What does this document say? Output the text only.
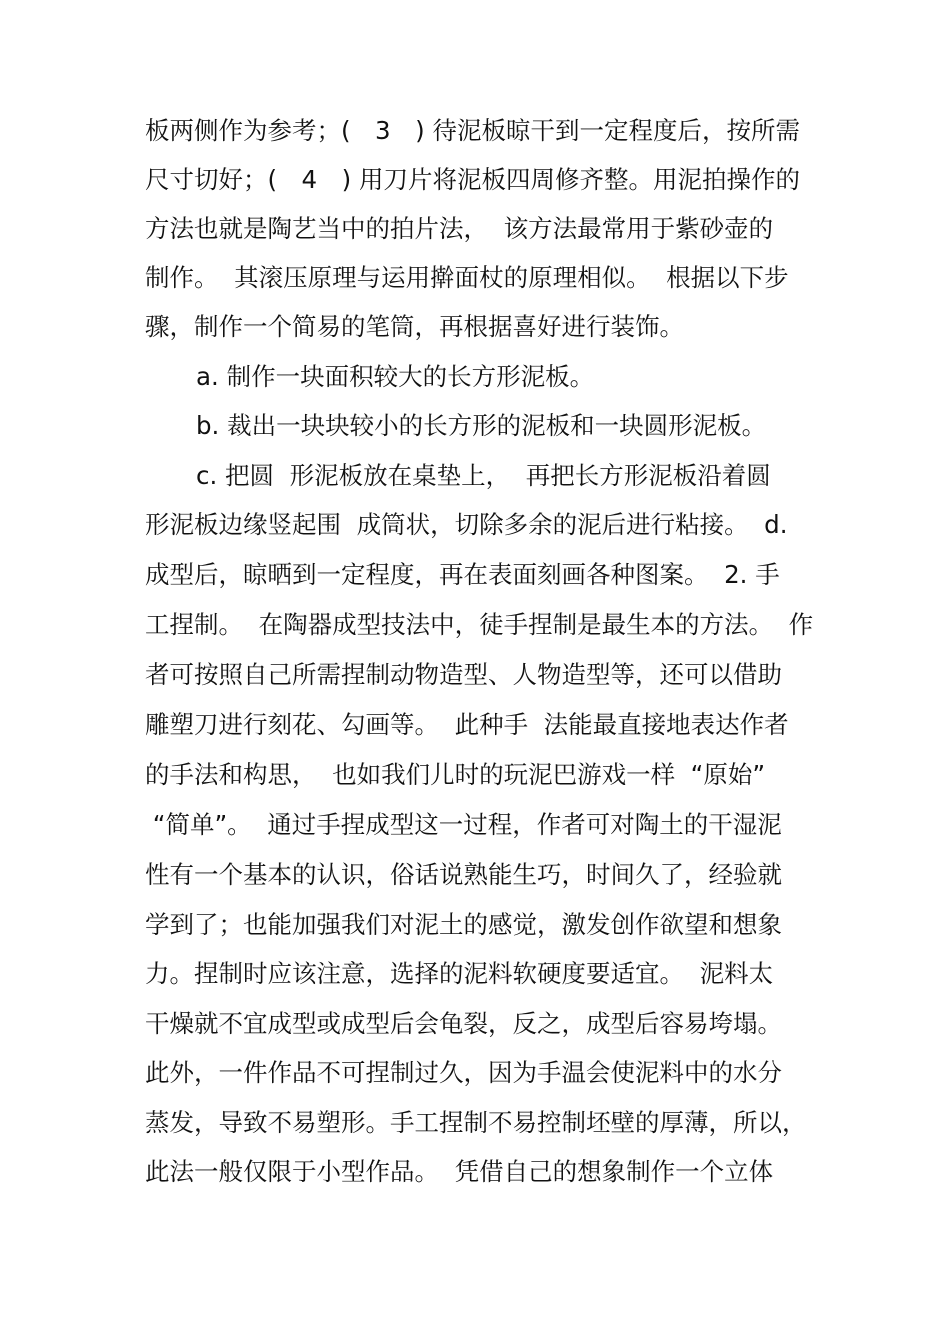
板两侧作为参考；(　3　) 待泥板晾干到一定程度后，按所需
尺寸切好；(　4　) 用刀片将泥板四周修齐整。用泥拍操作的
方法也就是陶艺当中的拍片法，  该方法最常用于紫砂壶的
制作。  其滚压原理与运用擀面杖的原理相似。  根据以下步
骤，制作一个简易的笔筒，再根据喜好进行装饰。
a. 制作一块面积较大的长方形泥板。
b. 裁出一块块较小的长方形的泥板和一块圆形泥板。
c. 把圆  形泥板放在桌垫上，  再把长方形泥板沿着圆
形泥板边缘竖起围  成筒状，切除多余的泥后进行粘接。  d.
成型后，晾晒到一定程度，再在表面刻画各种图案。  2. 手
工捏制。  在陶器成型技法中，徒手捏制是最生本的方法。  作
者可按照自己所需捏制动物造型、人物造型等，还可以借助
雕塑刀进行刻花、勾画等。  此种手  法能最直接地表达作者
的手法和构思，  也如我们儿时的玩泥巴游戏一样  “原始”
“简单”。  通过手捏成型这一过程，作者可对陶土的干湿泥
性有一个基本的认识，俗话说熟能生巧，时间久了，经验就
学到了；也能加强我们对泥土的感觉，激发创作欲望和想象
力。捏制时应该注意，选择的泥料软硬度要适宜。  泥料太
干燥就不宜成型或成型后会龟裂，反之，成型后容易垮塌。
此外，一件作品不可捏制过久，因为手温会使泥料中的水分
蒸发，导致不易塑形。手工捏制不易控制坯壁的厚薄，所以，
此法一般仅限于小型作品。  凭借自己的想象制作一个立体
